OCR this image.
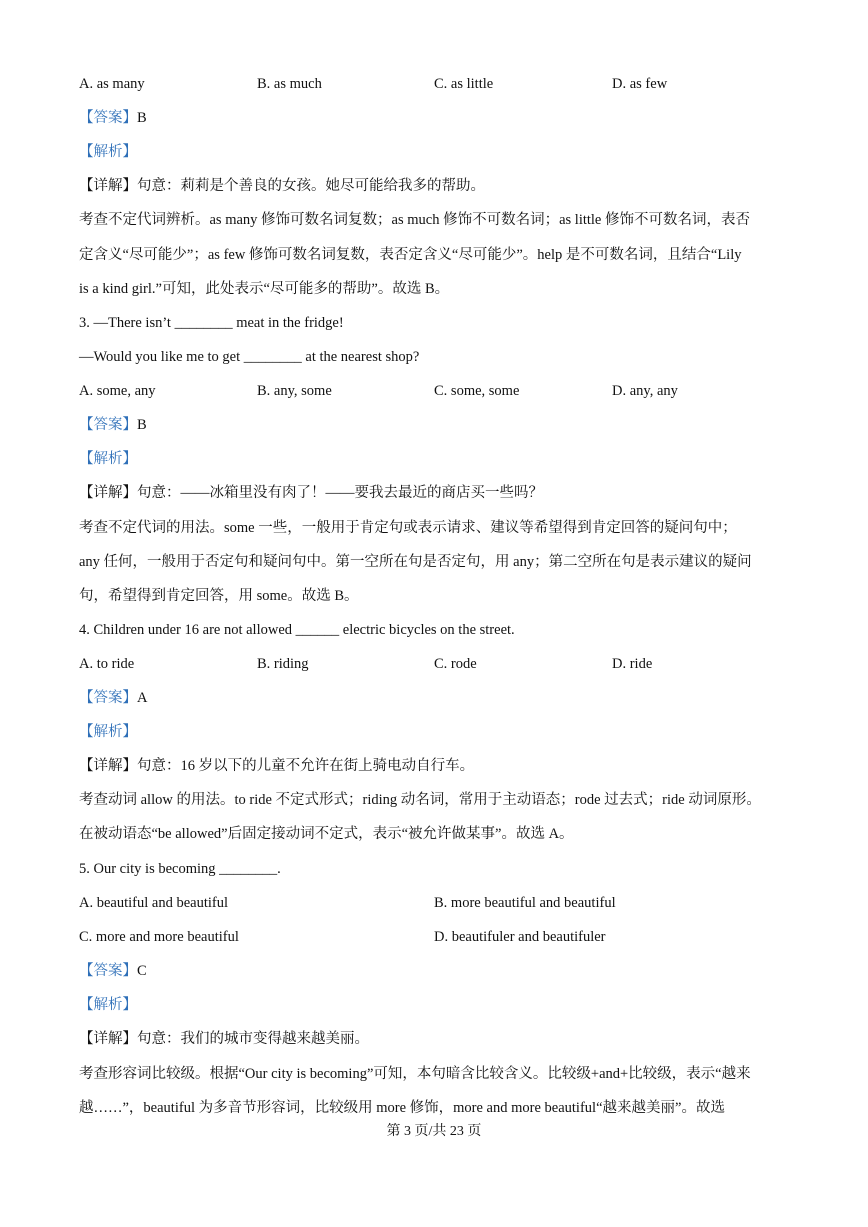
A. as many	B. as much	C. as little	D. as few
【答案】B
【解析】
【详解】句意：莉莉是个善良的女孩。她尽可能给我多的帮助。
考查不定代词辨析。as many 修饰可数名词复数；as much 修饰不可数名词；as little 修饰不可数名词，表否
定含义“尽可能少”；as few 修饰可数名词复数，表否定含义“尽可能少”。help 是不可数名词，且结合“Lily
is a kind girl.”可知，此处表示“尽可能多的帮助”。故选 B。
3. —There isn’t ________ meat in the fridge!
—Would you like me to get ________ at the nearest shop?
A. some, any	B. any, some	C. some, some	D. any, any
【答案】B
【解析】
【详解】句意：——冰箱里没有肉了！——要我去最近的商店买一些吗？
考查不定代词的用法。some 一些，一般用于肯定句或表示请求、建议等希望得到肯定回答的疑问句中；
any 任何，一般用于否定句和疑问句中。第一空所在句是否定句，用 any；第二空所在句是表示建议的疑问
句，希望得到肯定回答，用 some。故选 B。
4. Children under 16 are not allowed ______ electric bicycles on the street.
A. to ride	B. riding	C. rode	D. ride
【答案】A
【解析】
【详解】句意：16 岁以下的儿童不允许在街上骑电动自行车。
考查动词 allow 的用法。to ride 不定式形式；riding 动名词，常用于主动语态；rode 过去式；ride 动词原形。
在被动语态“be allowed”后固定接动词不定式，表示“被允许做某事”。故选 A。
5. Our city is becoming ________.
A. beautiful and beautiful	B. more beautiful and beautiful
C. more and more beautiful	D. beautifuler and beautifuler
【答案】C
【解析】
【详解】句意：我们的城市变得越来越美丽。
考查形容词比较级。根据“Our city is becoming”可知，本句暗含比较含义。比较级+and+比较级，表示“越来
越……”，beautiful 为多音节形容词，比较级用 more 修饰，more and more beautiful“越来越美丽”。故选
第 3 页/共 23 页
